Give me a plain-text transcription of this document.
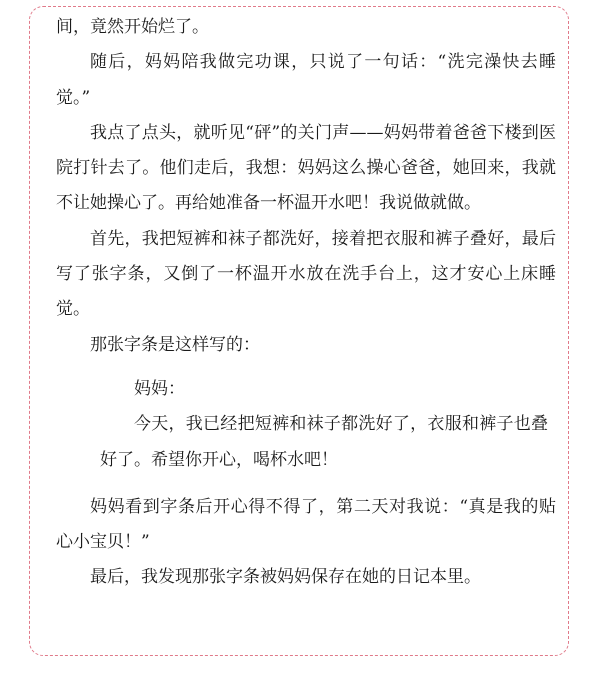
间，竟然开始烂了。

随后，妈妈陪我做完功课，只说了一句话：“洗完澡快去睡觉。”

我点了点头，就听见“砰”的关门声——妈妈带着爸爸下楼到医院打针去了。他们走后，我想：妈妈这么操心爸爸，她回来，我就不让她操心了。再给她准备一杯温开水吧！我说做就做。

首先，我把短裤和袜子都洗好，接着把衣服和裤子叠好，最后写了张字条，又倒了一杯温开水放在洗手台上，这才安心上床睡觉。

那张字条是这样写的：

妈妈：

今天，我已经把短裤和袜子都洗好了，衣服和裤子也叠好了。希望你开心，喝杯水吧！

妈妈看到字条后开心得不得了，第二天对我说：“真是我的贴心小宝贝！”

最后，我发现那张字条被妈妈保存在她的日记本里。
